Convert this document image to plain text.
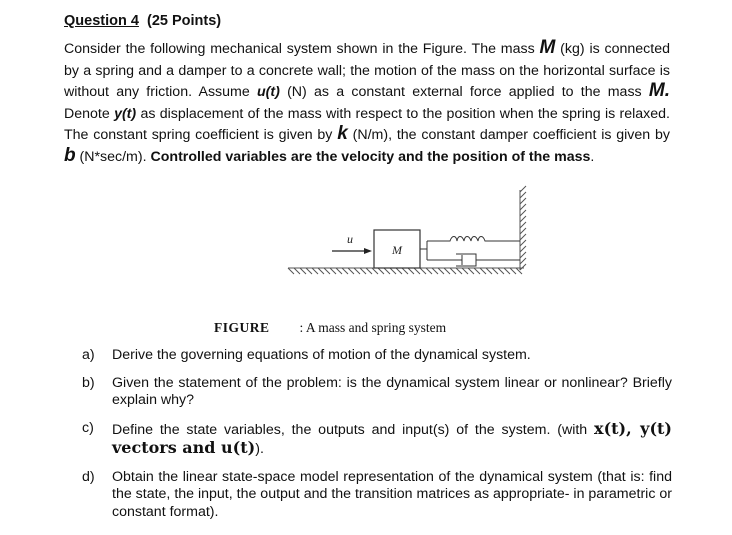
Question 4 (25 Points)
Consider the following mechanical system shown in the Figure. The mass M (kg) is connected by a spring and a damper to a concrete wall; the motion of the mass on the horizontal surface is without any friction. Assume u(t) (N) as a constant external force applied to the mass M. Denote y(t) as displacement of the mass with respect to the position when the spring is relaxed. The constant spring coefficient is given by k (N/m), the constant damper coefficient is given by b (N*sec/m). Controlled variables are the velocity and the position of the mass.
u
M
FIGURE : A mass and spring system
a) Derive the governing equations of motion of the dynamical system.
b) Given the statement of the problem: is the dynamical system linear or nonlinear? Briefly explain why?
c) Define the state variables, the outputs and input(s) of the system. (with x(t), y(t) vectors and u(t)).
d) Obtain the linear state-space model representation of the dynamical system (that is: find the state, the input, the output and the transition matrices as appropriate- in parametric or constant format).
